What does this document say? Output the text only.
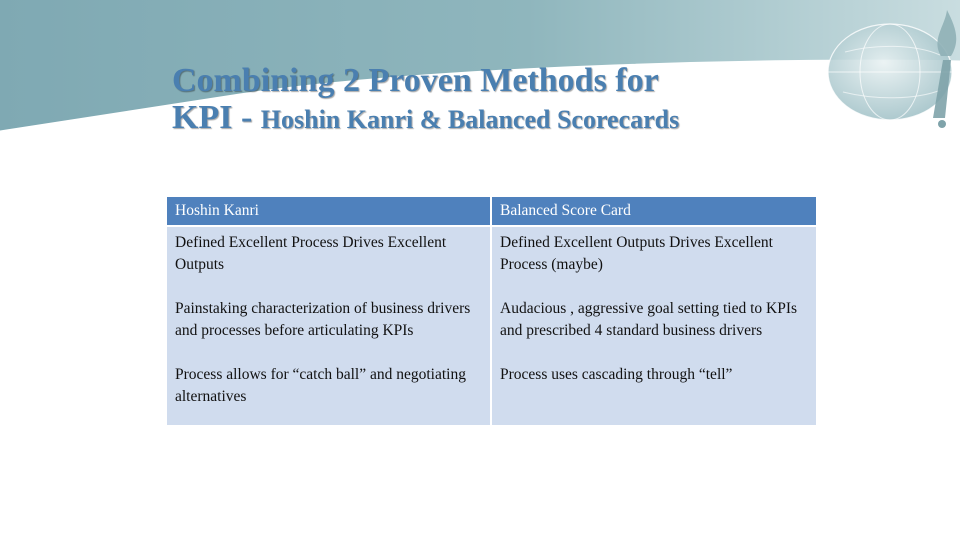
Combining 2 Proven Methods for
KPI - Hoshin Kanri & Balanced Scorecards
Hoshin Kanri	Balanced Score Card
Defined Excellent Process Drives Excellent Outputs	Defined Excellent Outputs Drives Excellent Process (maybe)
Painstaking characterization of business drivers and processes before articulating KPIs	Audacious , aggressive goal setting tied to KPIs and prescribed 4 standard business drivers
Process allows for “catch ball” and negotiating alternatives	Process uses cascading through “tell”
